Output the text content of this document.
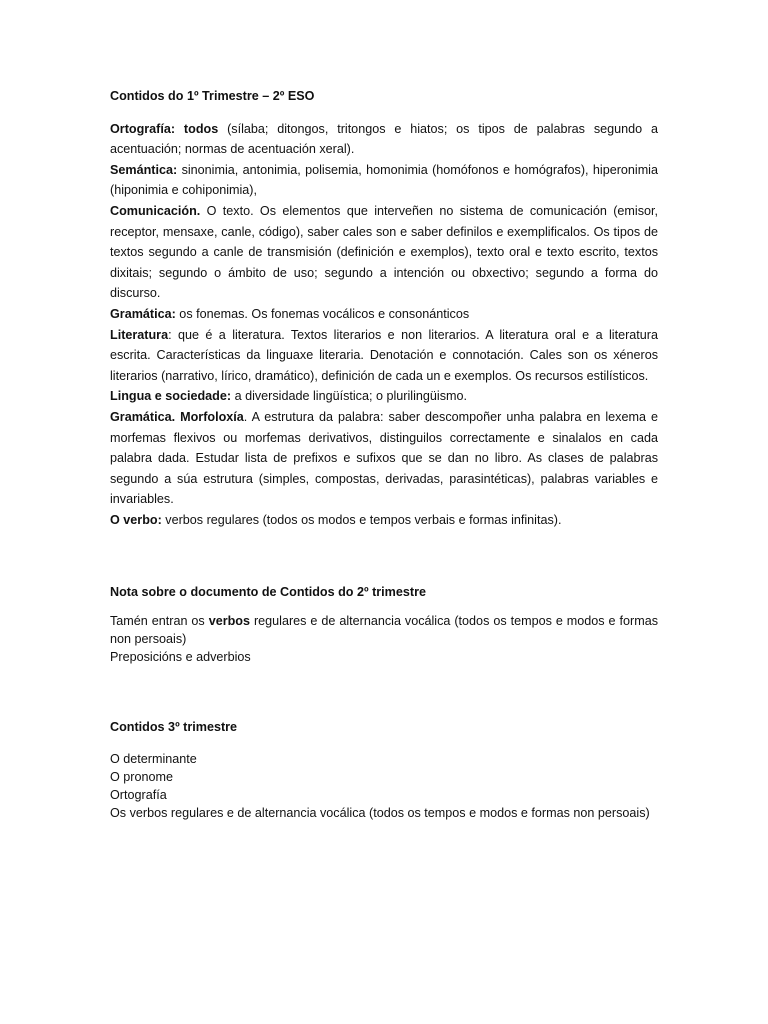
Contidos do 1º Trimestre – 2º ESO

Ortografía: todos (sílaba; ditongos, tritongos e hiatos; os tipos de palabras segundo a acentuación; normas de acentuación xeral).

Semántica: sinonimia, antonimia, polisemia, homonimia (homófonos e homógrafos), hiperonimia (hiponimia e cohiponimia),

Comunicación. O texto. Os elementos que interveñen no sistema de comunicación (emisor, receptor, mensaxe, canle, código), saber cales son e saber definilos e exemplificalos. Os tipos de textos segundo a canle de transmisión (definición e exemplos), texto oral e texto escrito, textos dixitais; segundo o ámbito de uso; segundo a intención ou obxectivo; segundo a forma do discurso.

Gramática: os fonemas. Os fonemas vocálicos e consonánticos

Literatura: que é a literatura. Textos literarios e non literarios. A literatura oral e a literatura escrita. Características da linguaxe literaria. Denotación e connotación. Cales son os xéneros literarios (narrativo, lírico, dramático), definición de cada un e exemplos. Os recursos estilísticos.

Lingua e sociedade: a diversidade lingüística; o plurilingüismo.

Gramática. Morfoloxía. A estrutura da palabra: saber descompoñer unha palabra en lexema e morfemas flexivos ou morfemas derivativos, distinguilos correctamente e sinalalos en cada palabra dada. Estudar lista de prefixos e sufixos que se dan no libro. As clases de palabras segundo a súa estrutura (simples, compostas, derivadas, parasintéticas), palabras variables e invariables.

O verbo: verbos regulares (todos os modos e tempos verbais e formas infinitas).

Nota sobre o documento de Contidos do 2º trimestre

Tamén entran os verbos regulares e de alternancia vocálica (todos os tempos e modos e formas non persoais)

Preposicións e adverbios

Contidos 3º trimestre

O determinante

O pronome

Ortografía

Os verbos regulares e de alternancia vocálica (todos os tempos e modos e formas non persoais)
